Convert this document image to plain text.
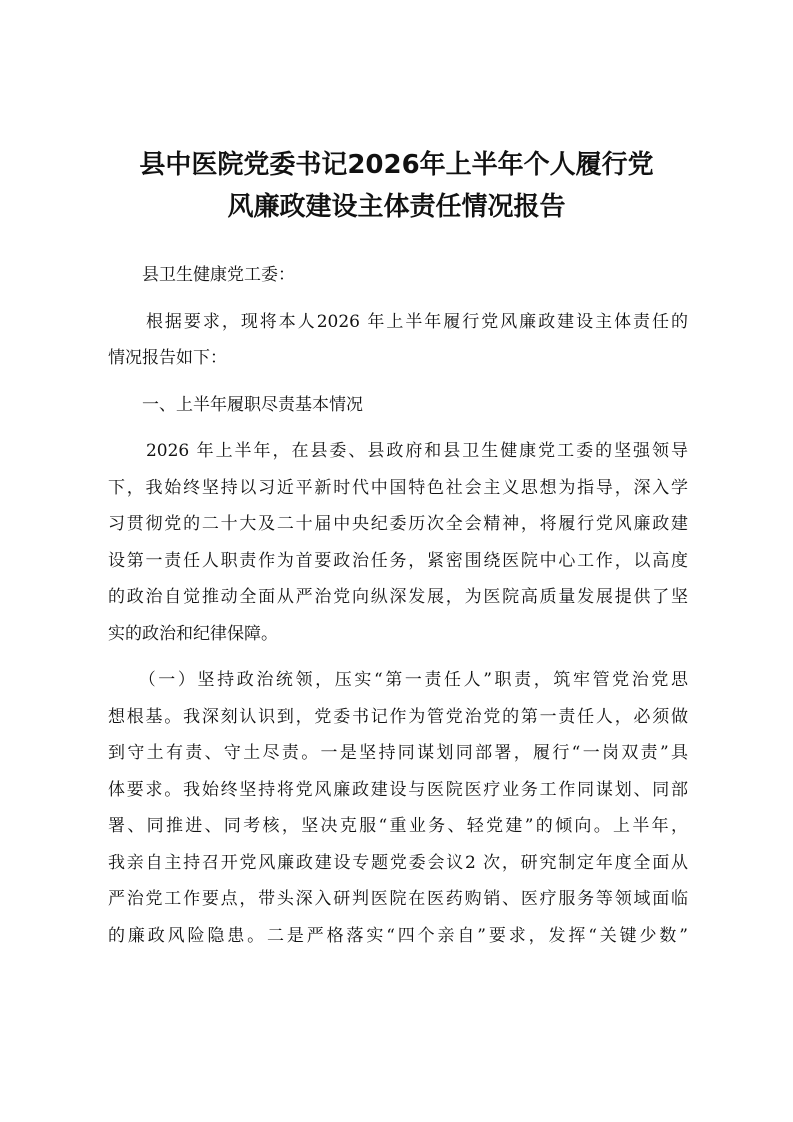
县中医院党委书记2026年上半年个人履行党
风廉政建设主体责任情况报告
县卫生健康党工委：
　　根据要求，现将本人2026 年上半年履行党风廉政建设主体责任的
情况报告如下：
　　一、上半年履职尽责基本情况
　　2026 年上半年，在县委、县政府和县卫生健康党工委的坚强领导
下，我始终坚持以习近平新时代中国特色社会主义思想为指导，深入学
习贯彻党的二十大及二十届中央纪委历次全会精神，将履行党风廉政建
设第一责任人职责作为首要政治任务，紧密围绕医院中心工作，以高度
的政治自觉推动全面从严治党向纵深发展，为医院高质量发展提供了坚
实的政治和纪律保障。
　　（一）坚持政治统领，压实“第一责任人”职责，筑牢管党治党思
想根基。我深刻认识到，党委书记作为管党治党的第一责任人，必须做
到守土有责、守土尽责。一是坚持同谋划同部署，履行“一岗双责”具
体要求。我始终坚持将党风廉政建设与医院医疗业务工作同谋划、同部
署、同推进、同考核，坚决克服“重业务、轻党建”的倾向。上半年，
我亲自主持召开党风廉政建设专题党委会议2 次，研究制定年度全面从
严治党工作要点，带头深入研判医院在医药购销、医疗服务等领域面临
的廉政风险隐患。二是严格落实“四个亲自”要求，发挥“关键少数”
